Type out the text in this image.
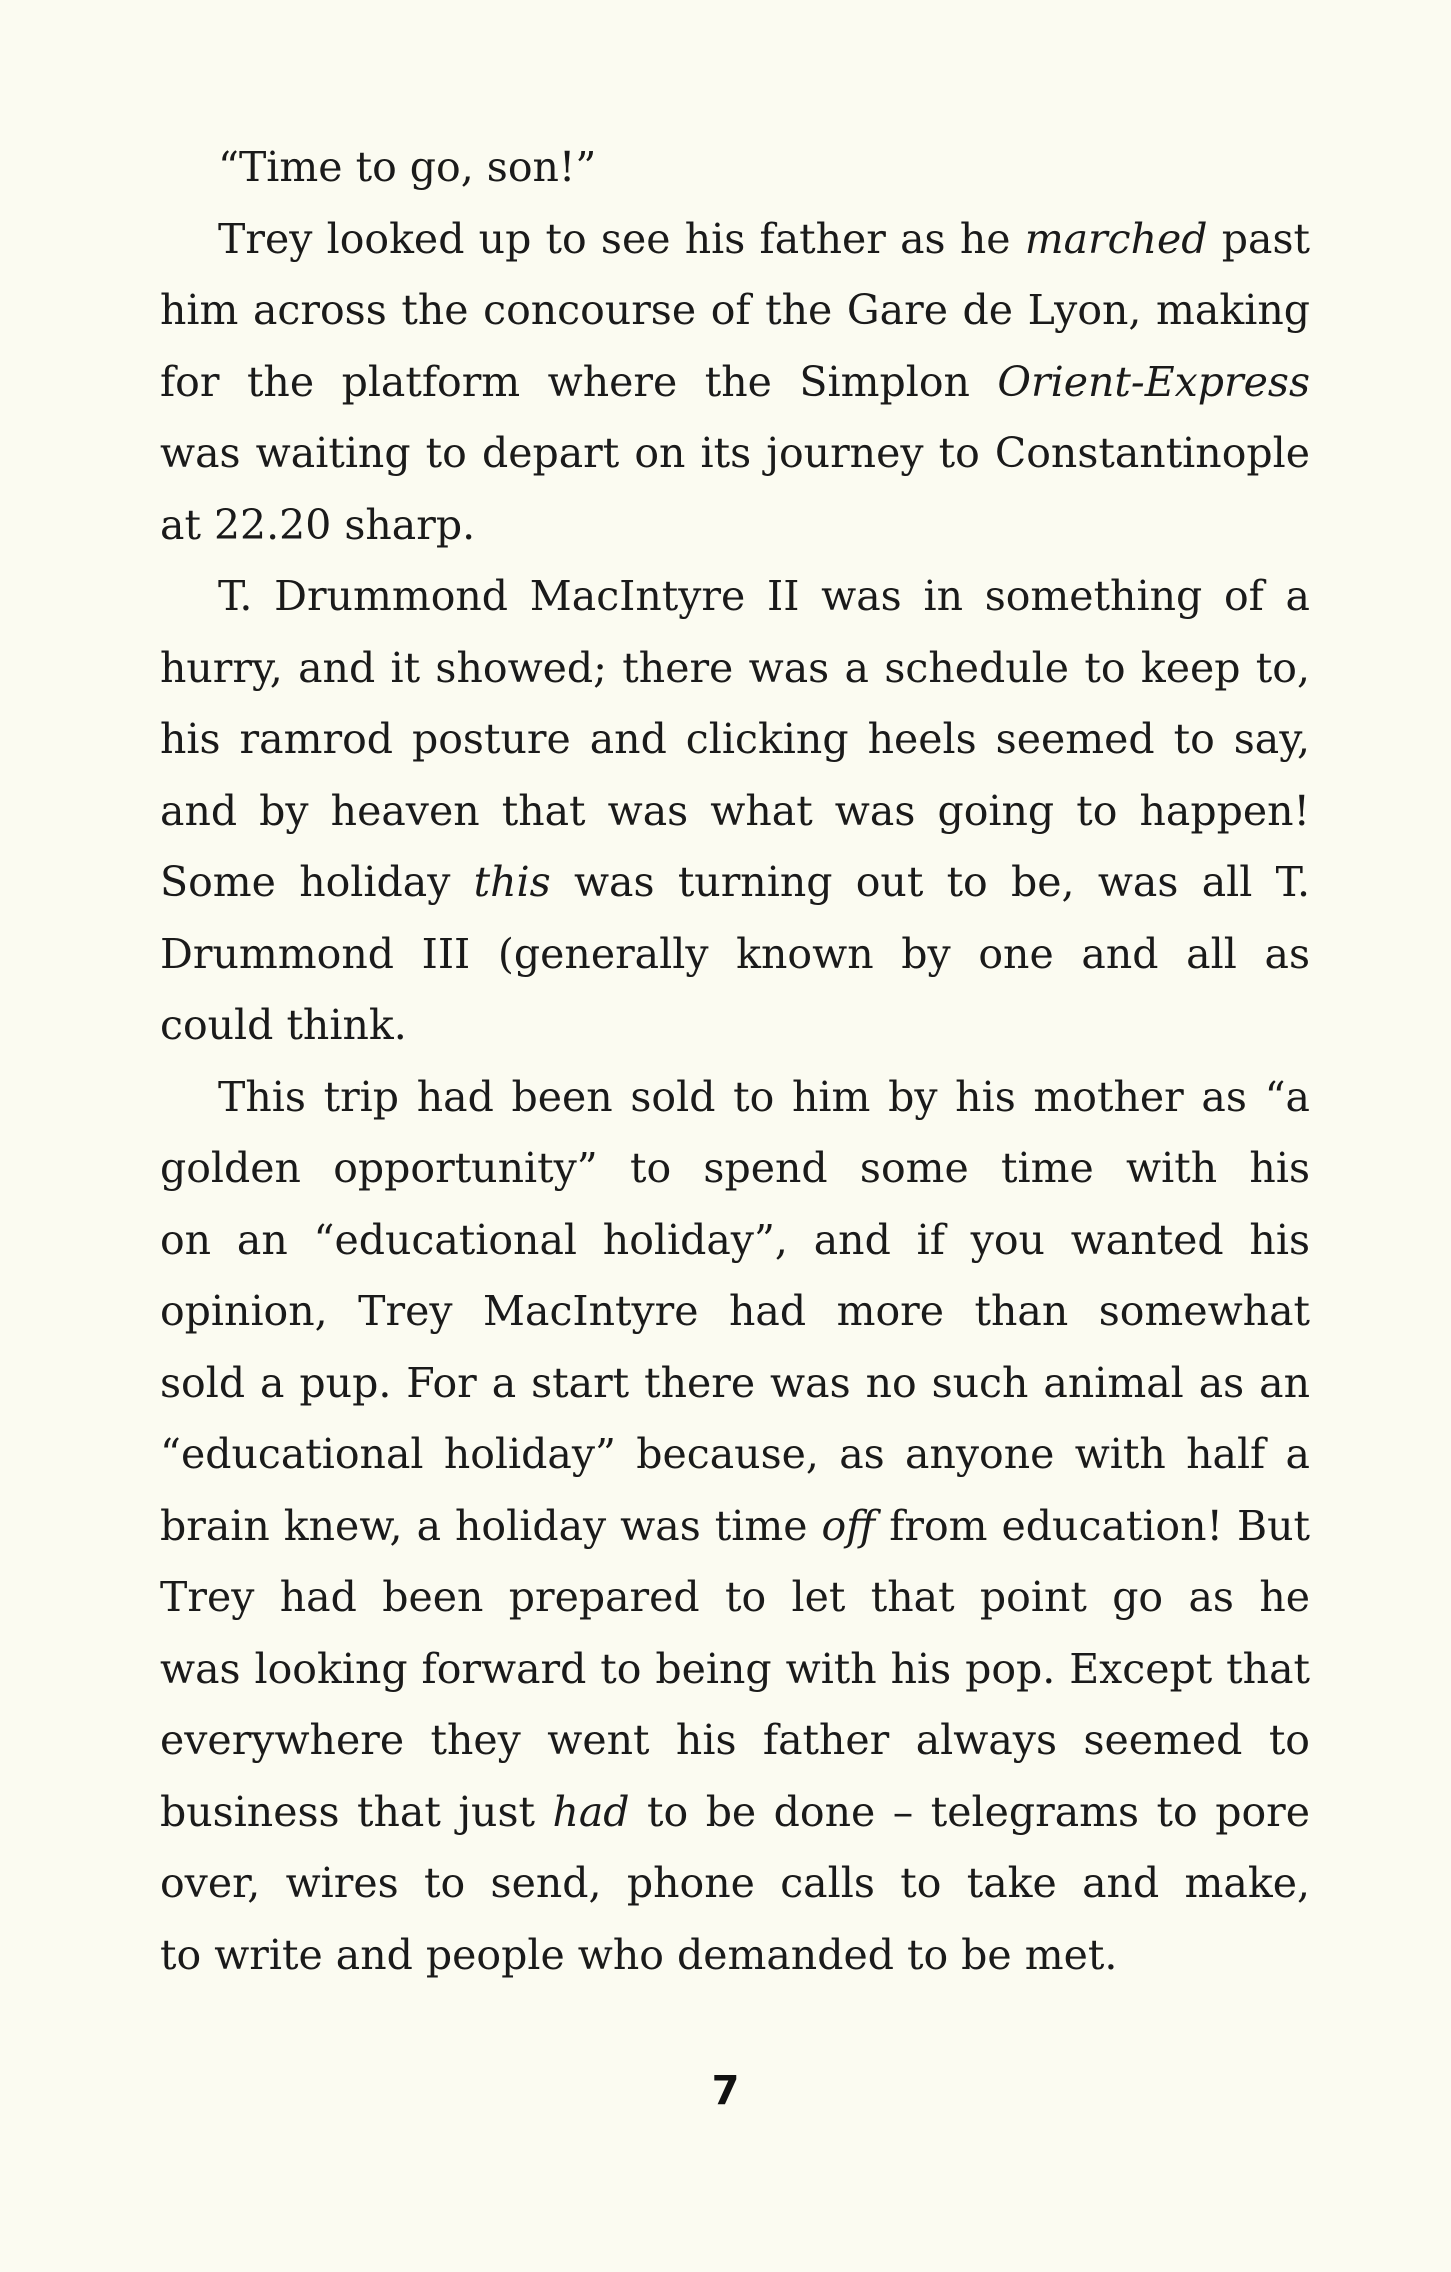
“Time to go, son!”
Trey looked up to see his father as he marched past
him across the concourse of the Gare de Lyon, making
for the platform where the Simplon Orient-Express
was waiting to depart on its journey to Constantinople
at 22.20 sharp.
T. Drummond MacIntyre II was in something of a
hurry, and it showed; there was a schedule to keep to,
his ramrod posture and clicking heels seemed to say,
and by heaven that was what was going to happen!
Some holiday this was turning out to be, was all T.
Drummond III (generally known by one and all as
could think.
This trip had been sold to him by his mother as “a
golden opportunity” to spend some time with his
on an “educational holiday”, and if you wanted his
opinion, Trey MacIntyre had more than somewhat
sold a pup. For a start there was no such animal as an
“educational holiday” because, as anyone with half a
brain knew, a holiday was time off from education! But
Trey had been prepared to let that point go as he
was looking forward to being with his pop. Except that
everywhere they went his father always seemed to
business that just had to be done – telegrams to pore
over, wires to send, phone calls to take and make,
to write and people who demanded to be met.
7
